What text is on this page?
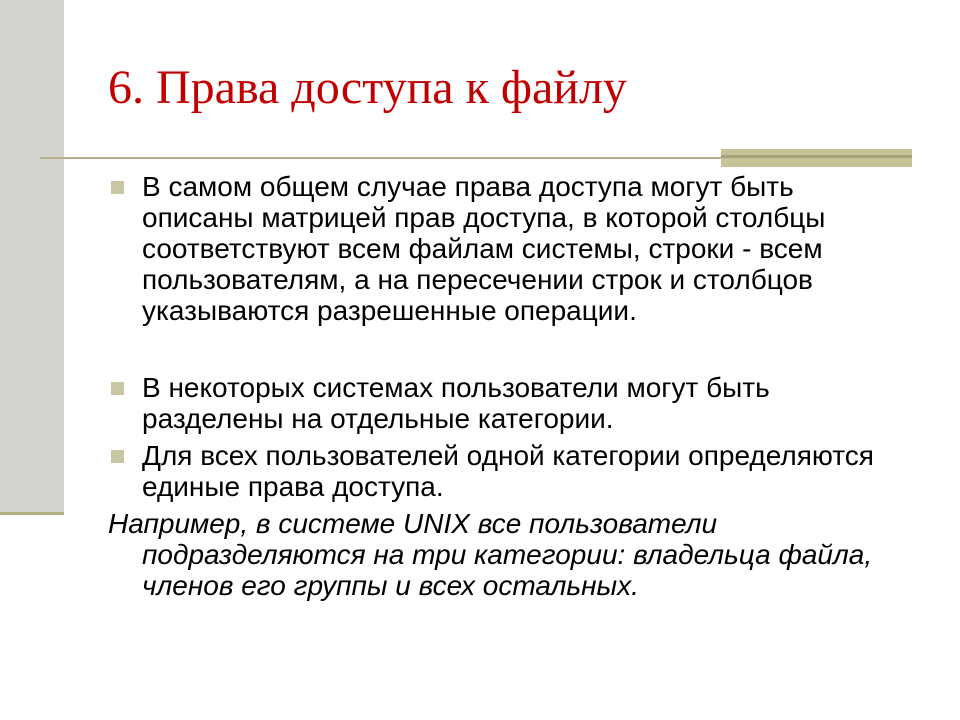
6. Права доступа к файлу

В самом общем случае права доступа могут быть описаны матрицей прав доступа, в которой столбцы соответствуют всем файлам системы, строки - всем пользователям, а на пересечении строк и столбцов указываются разрешенные операции.

В некоторых системах пользователи могут быть разделены на отдельные категории.

Для всех пользователей одной категории определяются единые права доступа.

Например, в системе UNIX все пользователи подразделяются на три категории: владельца файла, членов его группы и всех остальных.
